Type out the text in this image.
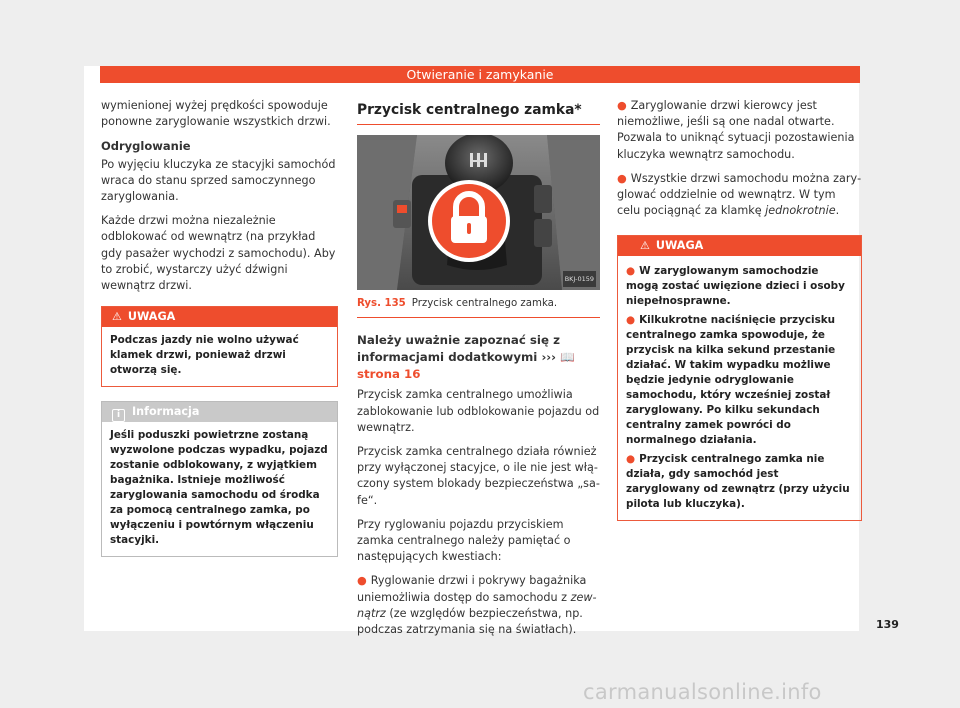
Otwieranie i zamykanie

wymienionej wyżej prędkości spowoduje ponowne zaryglowanie wszystkich drzwi.

Odryglowanie

Po wyjęciu kluczyka ze stacyjki samochód wraca do stanu sprzed samoczynnego zaryglowania.

Każde drzwi można niezależnie odblokować od wewnątrz (na przykład gdy pasażer wychodzi z samochodu). Aby to zrobić, wystarczy użyć dźwigni wewnątrz drzwi.

⚠ UWAGA
Podczas jazdy nie wolno używać klamek drzwi, ponieważ drzwi otworzą się.
i Informacja
Jeśli poduszki powietrzne zostaną wyzwolone podczas wypadku, pojazd zostanie odblokowany, z wyjątkiem bagażnika. Istnieje możliwość zaryglowania samochodu od środka za pomocą centralnego zamka, po wyłączeniu i powtórnym włączeniu stacyjki.
Przycisk centralnego zamka*
BKJ-0159
Rys. 135 Przycisk centralnego zamka.

Należy uważnie zapoznać się z informacjami dodatkowymi ››› 📖 strona 16

Przycisk zamka centralnego umożliwia zablokowanie lub odblokowanie pojazdu od wewnątrz.

Przycisk zamka centralnego działa również przy wyłączonej stacyjce, o ile nie jest włączony system blokady bezpieczeństwa „safe“.

Przy ryglowaniu pojazdu przyciskiem zamka centralnego należy pamiętać o następujących kwestiach:

● Ryglowanie drzwi i pokrywy bagażnika uniemożliwia dostęp do samochodu z zewnątrz (ze względów bezpieczeństwa, np. podczas zatrzymania się na światłach).

● Zaryglowanie drzwi kierowcy jest niemożliwe, jeśli są one nadal otwarte. Pozwala to uniknąć sytuacji pozostawienia kluczyka wewnątrz samochodu.

● Wszystkie drzwi samochodu można zaryglować oddzielnie od wewnątrz. W tym celu pociągnąć za klamkę jednokrotnie.

⚠ UWAGA

● W zaryglowanym samochodzie mogą zostać uwięzione dzieci i osoby niepełnosprawne.

● Kilkukrotne naciśnięcie przycisku centralnego zamka spowoduje, że przycisk na kilka sekund przestanie działać. W takim wypadku możliwe będzie jedynie odryglowanie samochodu, który wcześniej został zaryglowany. Po kilku sekundach centralny zamek powróci do normalnego działania.

● Przycisk centralnego zamka nie działa, gdy samochód jest zaryglowany od zewnątrz (przy użyciu pilota lub kluczyka).

139
carmanualsonline.info
